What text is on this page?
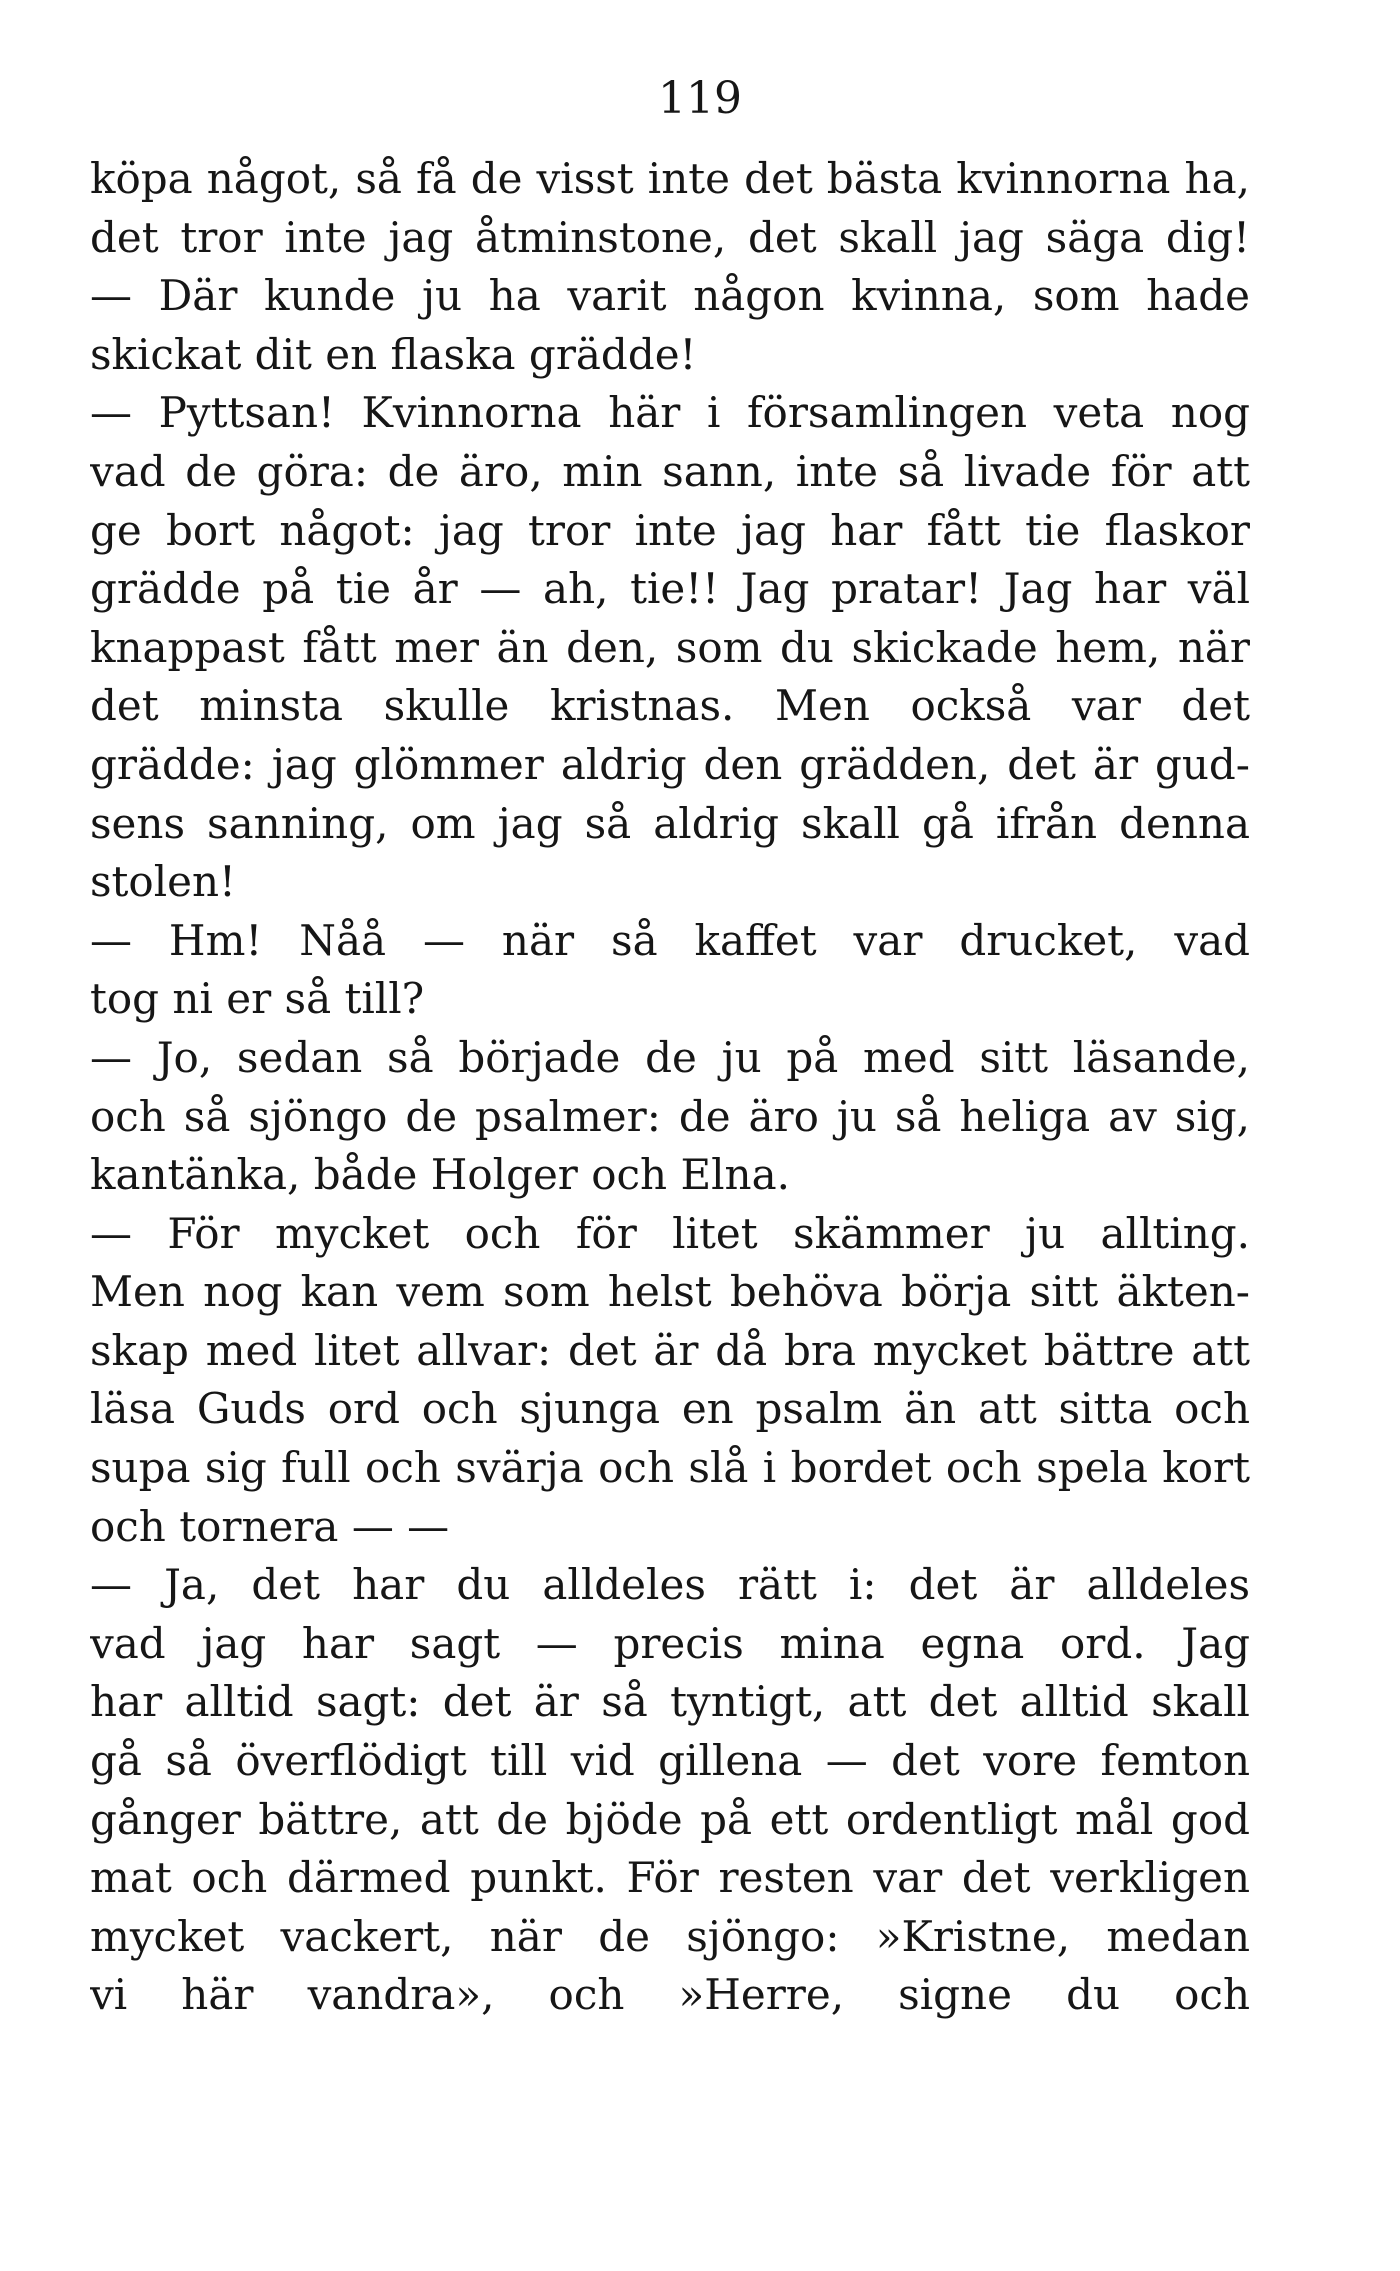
119
köpa något, så få de visst inte det bästa kvinnorna ha,
det tror inte jag åtminstone, det skall jag säga dig!
— Där kunde ju ha varit någon kvinna, som hade
skickat dit en flaska grädde!
— Pyttsan! Kvinnorna här i församlingen veta nog
vad de göra: de äro, min sann, inte så livade för att
ge bort något: jag tror inte jag har fått tie flaskor
grädde på tie år — ah, tie!! Jag pratar! Jag har väl
knappast fått mer än den, som du skickade hem, när
det minsta skulle kristnas. Men också var det
grädde: jag glömmer aldrig den grädden, det är gud-
sens sanning, om jag så aldrig skall gå ifrån denna
stolen!
— Hm! Nåå — när så kaffet var drucket, vad
tog ni er så till?
— Jo, sedan så började de ju på med sitt läsande,
och så sjöngo de psalmer: de äro ju så heliga av sig,
kantänka, både Holger och Elna.
— För mycket och för litet skämmer ju allting.
Men nog kan vem som helst behöva börja sitt äkten-
skap med litet allvar: det är då bra mycket bättre att
läsa Guds ord och sjunga en psalm än att sitta och
supa sig full och svärja och slå i bordet och spela kort
och tornera — —
— Ja, det har du alldeles rätt i: det är alldeles
vad jag har sagt — precis mina egna ord. Jag
har alltid sagt: det är så tyntigt, att det alltid skall
gå så överflödigt till vid gillena — det vore femton
gånger bättre, att de bjöde på ett ordentligt mål god
mat och därmed punkt. För resten var det verkligen
mycket vackert, när de sjöngo: »Kristne, medan
vi här vandra», och »Herre, signe du och
